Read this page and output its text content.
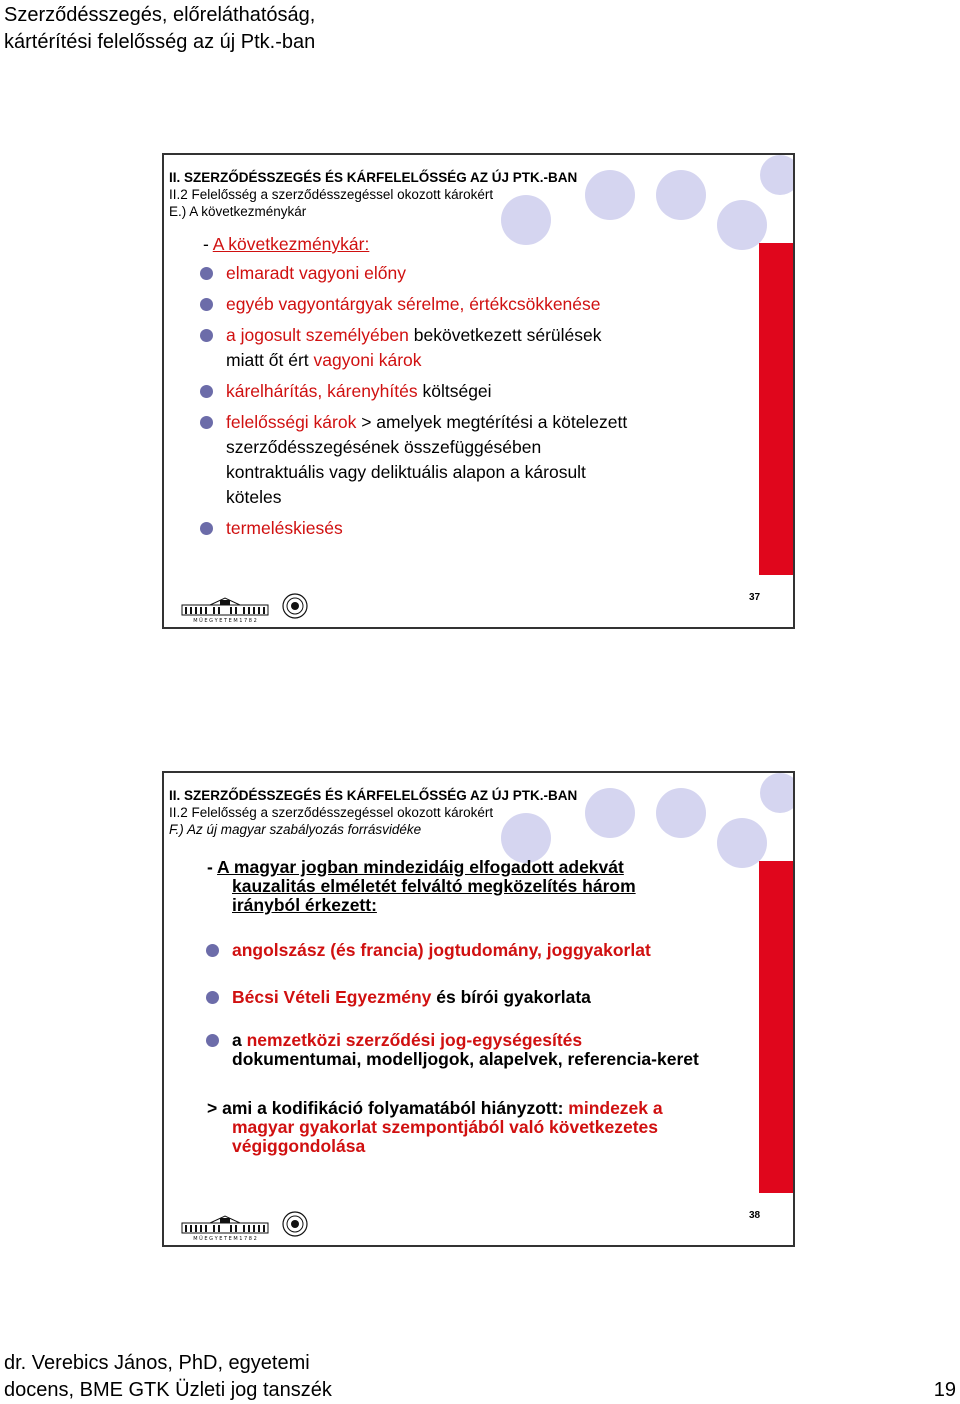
Szerződésszegés, előreláthatóság,
kártérítési felelősség az új Ptk.-ban
II. SZERZŐDÉSSZEGÉS ÉS KÁRFELELŐSSÉG AZ ÚJ PTK.-BAN
II.2 Felelősség a szerződésszegéssel okozott károkért
E.) A következménykár
- A következménykár:
elmaradt vagyoni előny
egyéb vagyontárgyak sérelme, értékcsökkenése
a jogosult személyében bekövetkezett sérülések
miatt őt ért vagyoni károk
kárelhárítás, kárenyhítés költségei
felelősségi károk > amelyek megtérítési a kötelezett
szerződésszegésének összefüggésében
kontraktuális vagy deliktuális alapon a károsult
köteles
termeléskiesés
M Ű E G Y E T E M 1 7 8 2
37
II. SZERZŐDÉSSZEGÉS ÉS KÁRFELELŐSSÉG AZ ÚJ PTK.-BAN
II.2 Felelősség a szerződésszegéssel okozott károkért
F.) Az új magyar szabályozás forrásvidéke
- A magyar jogban mindezidáig elfogadott adekvát
kauzalitás elméletét felváltó megközelítés három
irányból érkezett:
angolszász (és francia) jogtudomány, joggyakorlat
Bécsi Vételi Egyezmény és bírói gyakorlata
a nemzetközi szerződési jog-egységesítés
dokumentumai, modelljogok, alapelvek, referencia-keret
> ami a kodifikáció folyamatából hiányzott: mindezek a
magyar gyakorlat szempontjából való következetes
végiggondolása
M Ű E G Y E T E M 1 7 8 2
38
dr. Verebics János, PhD, egyetemi
docens, BME GTK Üzleti jog tanszék	19
